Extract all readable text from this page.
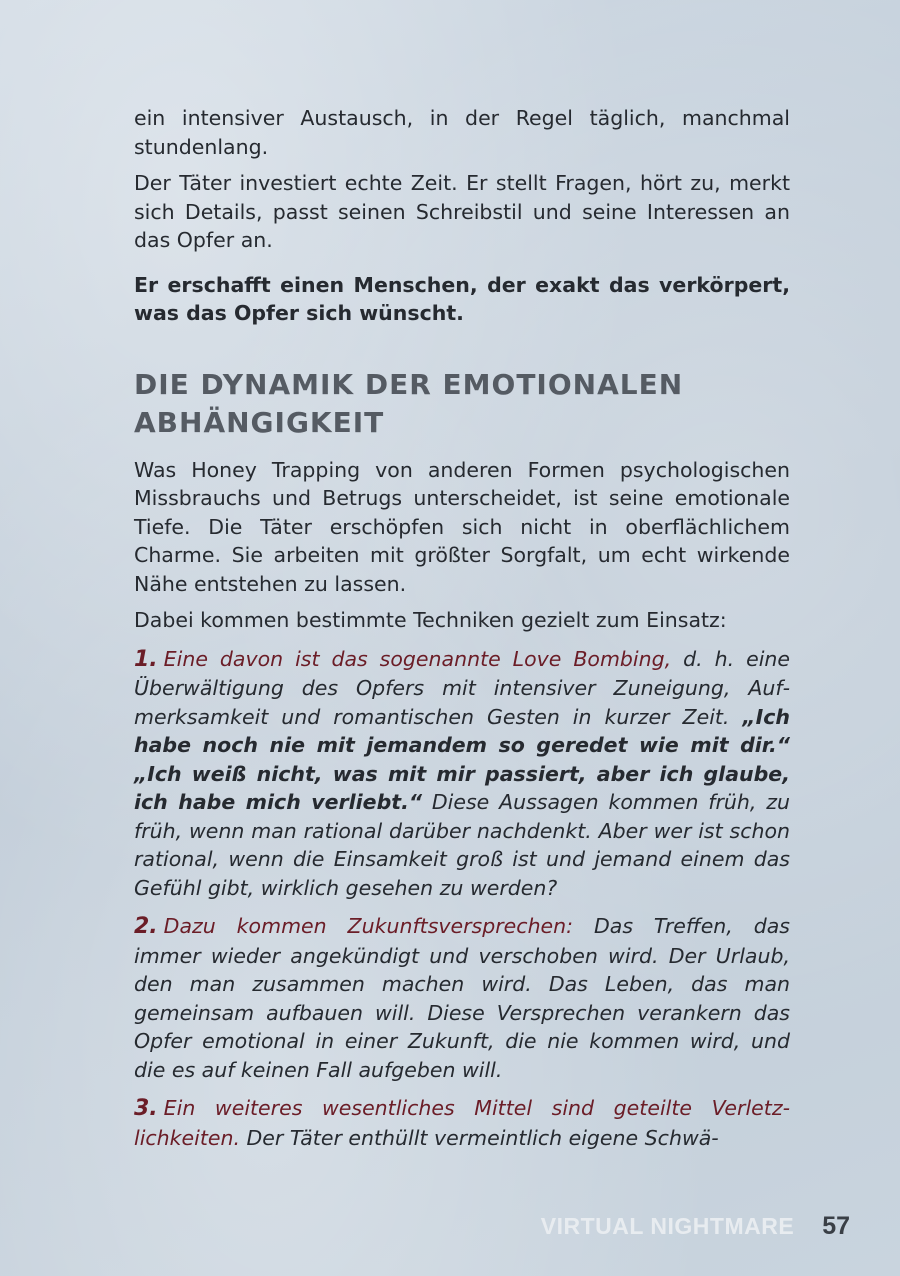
ein intensiver Austausch, in der Regel täglich, manchmal stundenlang.

Der Täter investiert echte Zeit. Er stellt Fragen, hört zu, merkt sich Details, passt seinen Schreibstil und seine Interessen an das Opfer an.

Er erschafft einen Menschen, der exakt das verkörpert, was das Opfer sich wünscht.

DIE DYNAMIK DER EMOTIONALEN ABHÄNGIGKEIT

Was Honey Trapping von anderen Formen psychologischen Missbrauchs und Betrugs unterscheidet, ist seine emotionale Tiefe. Die Täter erschöpfen sich nicht in oberflächlichem Charme. Sie arbeiten mit größter Sorgfalt, um echt wirkende Nähe entstehen zu lassen.

Dabei kommen bestimmte Techniken gezielt zum Einsatz:

1. Eine davon ist das sogenannte Love Bombing, d. h. eine Überwältigung des Opfers mit intensiver Zuneigung, Aufmerksamkeit und romantischen Gesten in kurzer Zeit. „Ich habe noch nie mit jemandem so geredet wie mit dir.“ „Ich weiß nicht, was mit mir passiert, aber ich glaube, ich habe mich verliebt.“ Diese Aussagen kommen früh, zu früh, wenn man rational darüber nachdenkt. Aber wer ist schon rational, wenn die Einsamkeit groß ist und jemand einem das Gefühl gibt, wirklich gesehen zu werden?

2. Dazu kommen Zukunftsversprechen: Das Treffen, das immer wieder angekündigt und verschoben wird. Der Urlaub, den man zusammen machen wird. Das Leben, das man gemeinsam aufbauen will. Diese Versprechen verankern das Opfer emotional in einer Zukunft, die nie kommen wird, und die es auf keinen Fall aufgeben will.

3. Ein weiteres wesentliches Mittel sind geteilte Verletzlichkeiten. Der Täter enthüllt vermeintlich eigene Schwä-

VIRTUAL NIGHTMARE 57
